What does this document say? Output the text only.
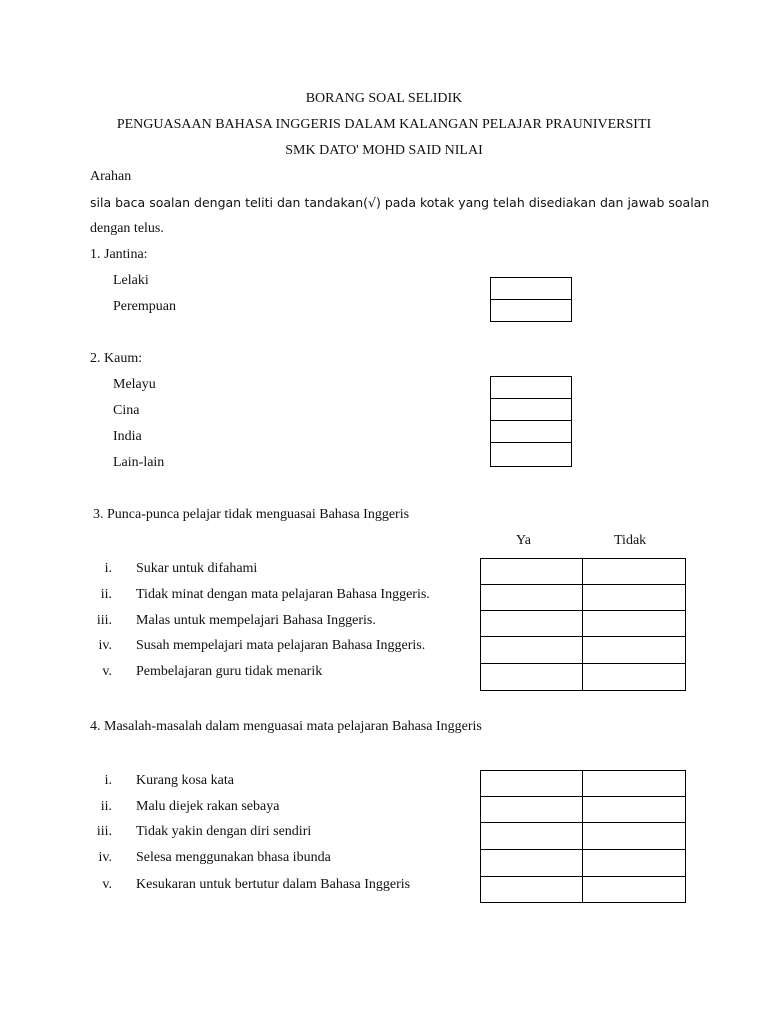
BORANG SOAL SELIDIK
PENGUASAAN BAHASA INGGERIS DALAM KALANGAN PELAJAR PRAUNIVERSITI
SMK DATO' MOHD SAID NILAI
Arahan
sila baca soalan dengan teliti dan tandakan(√) pada kotak yang telah disediakan dan jawab soalan
dengan telus.
1. Jantina:
Lelaki
Perempuan
2. Kaum:
Melayu
Cina
India
Lain-lain
3. Punca-punca pelajar tidak menguasai Bahasa Inggeris
Ya	Tidak
i. Sukar untuk difahami
ii. Tidak minat dengan mata pelajaran Bahasa Inggeris.
iii. Malas untuk mempelajari Bahasa Inggeris.
iv. Susah mempelajari mata pelajaran Bahasa Inggeris.
v. Pembelajaran guru tidak menarik
4. Masalah-masalah dalam menguasai mata pelajaran Bahasa Inggeris
i. Kurang kosa kata
ii. Malu diejek rakan sebaya
iii. Tidak yakin dengan diri sendiri
iv. Selesa menggunakan bhasa ibunda
v. Kesukaran untuk bertutur dalam Bahasa Inggeris
